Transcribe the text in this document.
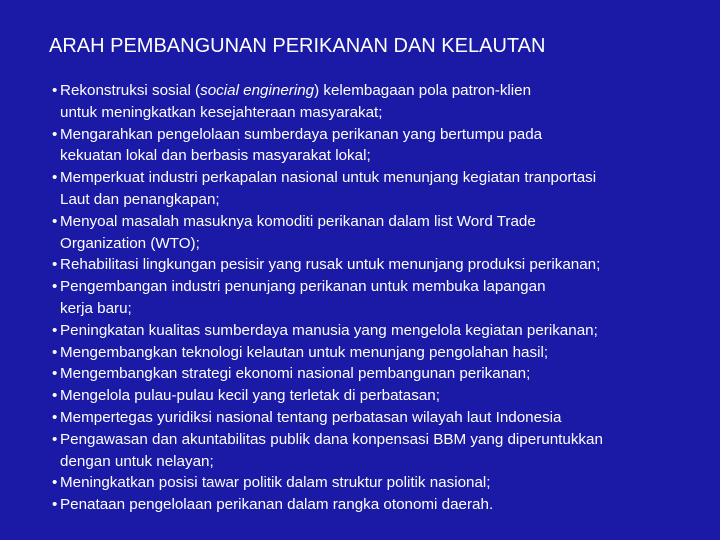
ARAH PEMBANGUNAN PERIKANAN DAN KELAUTAN
• Rekonstruksi sosial (social enginering) kelembagaan pola patron-klien
untuk meningkatkan kesejahteraan masyarakat;
• Mengarahkan pengelolaan sumberdaya perikanan yang bertumpu pada
kekuatan lokal dan berbasis masyarakat lokal;
• Memperkuat industri perkapalan nasional untuk menunjang kegiatan tranportasi
Laut dan penangkapan;
• Menyoal masalah masuknya komoditi perikanan dalam list Word Trade
Organization (WTO);
• Rehabilitasi lingkungan pesisir yang rusak untuk menunjang produksi perikanan;
• Pengembangan industri penunjang perikanan untuk membuka lapangan
kerja baru;
• Peningkatan kualitas sumberdaya manusia yang mengelola kegiatan perikanan;
• Mengembangkan teknologi kelautan untuk menunjang pengolahan hasil;
• Mengembangkan strategi ekonomi nasional pembangunan perikanan;
• Mengelola pulau-pulau kecil yang terletak di perbatasan;
• Mempertegas yuridiksi nasional tentang perbatasan wilayah laut Indonesia
• Pengawasan dan akuntabilitas publik dana konpensasi BBM yang diperuntukkan
dengan untuk nelayan;
• Meningkatkan posisi tawar politik dalam struktur politik nasional;
• Penataan pengelolaan perikanan dalam rangka otonomi daerah.
